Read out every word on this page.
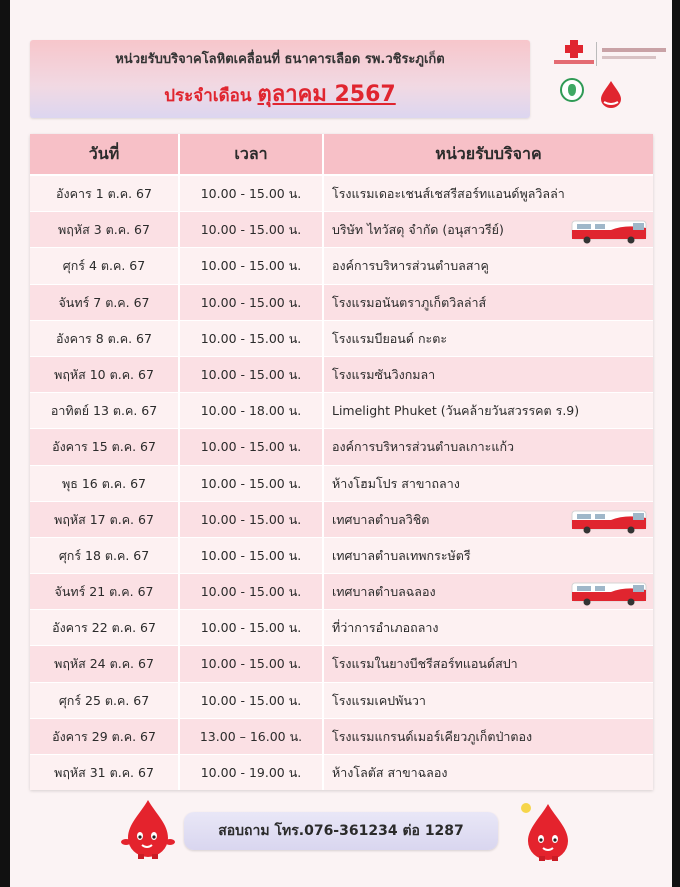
หน่วยรับบริจาคโลหิตเคลื่อนที่ ธนาคารเลือด รพ.วชิระภูเก็ต
ประจำเดือน ตุลาคม 2567
วันที่	เวลา	หน่วยรับบริจาค
อังคาร 1 ต.ค. 67	10.00 - 15.00 น.	โรงแรมเดอะเชนส์เชสรีสอร์ทแอนด์พูลวิลล่า
พฤหัส 3 ต.ค. 67	10.00 - 15.00 น.	บริษัท ไทวัสดุ จำกัด (อนุสาวรีย์)
ศุกร์ 4 ต.ค. 67	10.00 - 15.00 น.	องค์การบริหารส่วนตำบลสาคู
จันทร์ 7 ต.ค. 67	10.00 - 15.00 น.	โรงแรมอนันตราภูเก็ตวิลล่าส์
อังคาร 8 ต.ค. 67	10.00 - 15.00 น.	โรงแรมบียอนด์ กะตะ
พฤหัส 10 ต.ค. 67	10.00 - 15.00 น.	โรงแรมซันวิงกมลา
อาทิตย์ 13 ต.ค. 67	10.00 - 18.00 น.	Limelight Phuket (วันคล้ายวันสวรรคต ร.9)
อังคาร 15 ต.ค. 67	10.00 - 15.00 น.	องค์การบริหารส่วนตำบลเกาะแก้ว
พุธ 16 ต.ค. 67	10.00 - 15.00 น.	ห้างโฮมโปร สาขาถลาง
พฤหัส 17 ต.ค. 67	10.00 - 15.00 น.	เทศบาลตำบลวิชิต
ศุกร์ 18 ต.ค. 67	10.00 - 15.00 น.	เทศบาลตำบลเทพกระษัตรี
จันทร์ 21 ต.ค. 67	10.00 - 15.00 น.	เทศบาลตำบลฉลอง
อังคาร 22 ต.ค. 67	10.00 - 15.00 น.	ที่ว่าการอำเภอถลาง
พฤหัส 24 ต.ค. 67	10.00 - 15.00 น.	โรงแรมในยางบีชรีสอร์ทแอนด์สปา
ศุกร์ 25 ต.ค. 67	10.00 - 15.00 น.	โรงแรมเคปพันวา
อังคาร 29 ต.ค. 67	13.00 – 16.00 น.	โรงแรมแกรนด์เมอร์เคียวภูเก็ตป่าตอง
พฤหัส 31 ต.ค. 67	10.00 - 19.00 น.	ห้างโลตัส สาขาฉลอง
สอบถาม โทร.076-361234 ต่อ 1287
